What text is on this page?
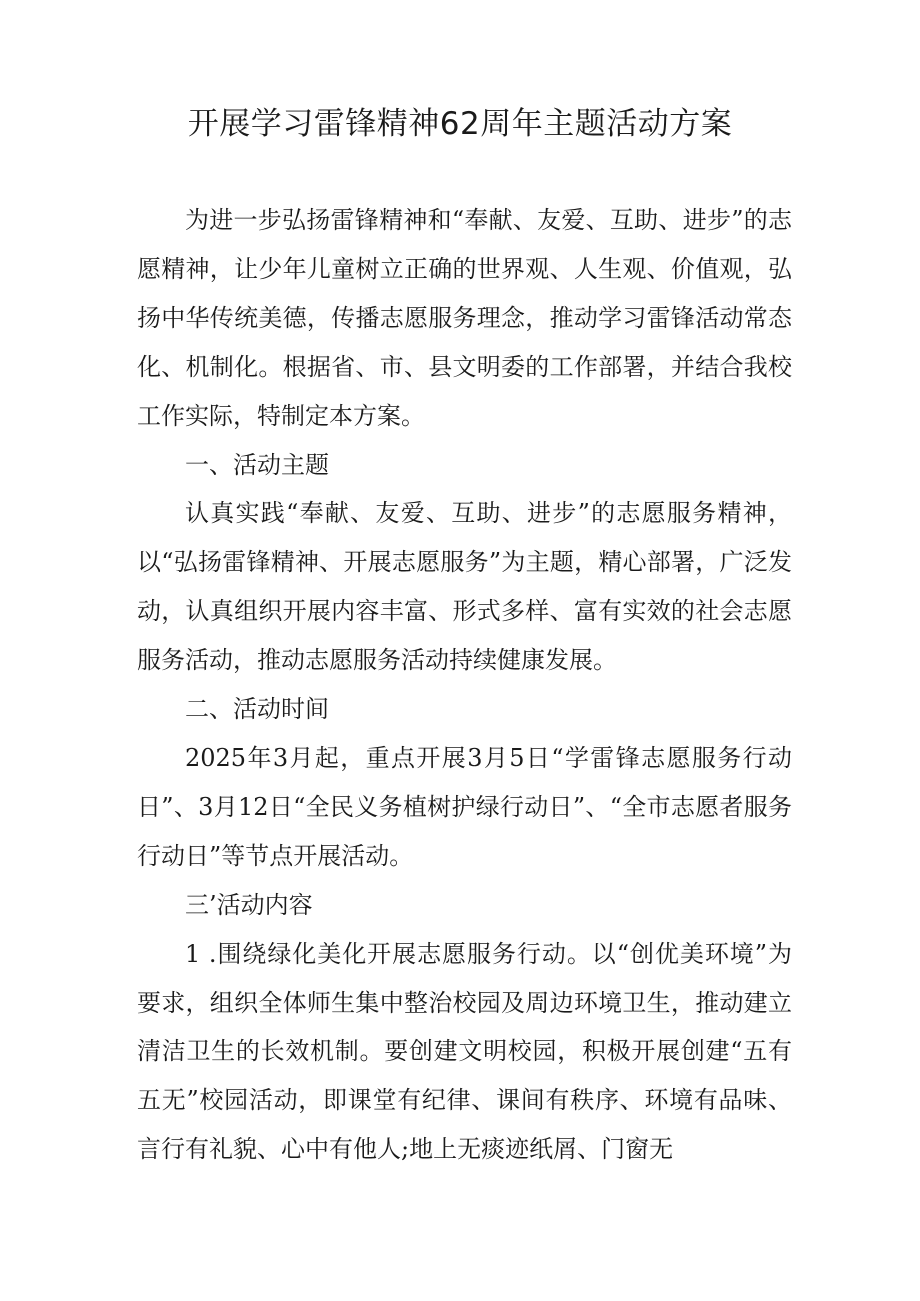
开展学习雷锋精神62周年主题活动方案

为进一步弘扬雷锋精神和“奉献、友爱、互助、进步”的志愿精神，让少年儿童树立正确的世界观、人生观、价值观，弘扬中华传统美德，传播志愿服务理念，推动学习雷锋活动常态化、机制化。根据省、市、县文明委的工作部署，并结合我校工作实际，特制定本方案。

一、活动主题

认真实践“奉献、友爱、互助、进步”的志愿服务精神，以“弘扬雷锋精神、开展志愿服务”为主题，精心部署，广泛发动，认真组织开展内容丰富、形式多样、富有实效的社会志愿服务活动，推动志愿服务活动持续健康发展。

二、活动时间

2025年3月起，重点开展3月5日“学雷锋志愿服务行动日”、3月12日“全民义务植树护绿行动日”、“全市志愿者服务行动日”等节点开展活动。

三’活动内容

1 .围绕绿化美化开展志愿服务行动。以“创优美环境”为要求，组织全体师生集中整治校园及周边环境卫生，推动建立清洁卫生的长效机制。要创建文明校园，积极开展创建“五有五无”校园活动，即课堂有纪律、课间有秩序、环境有品味、言行有礼貌、心中有他人;地上无痰迹纸屑、门窗无
